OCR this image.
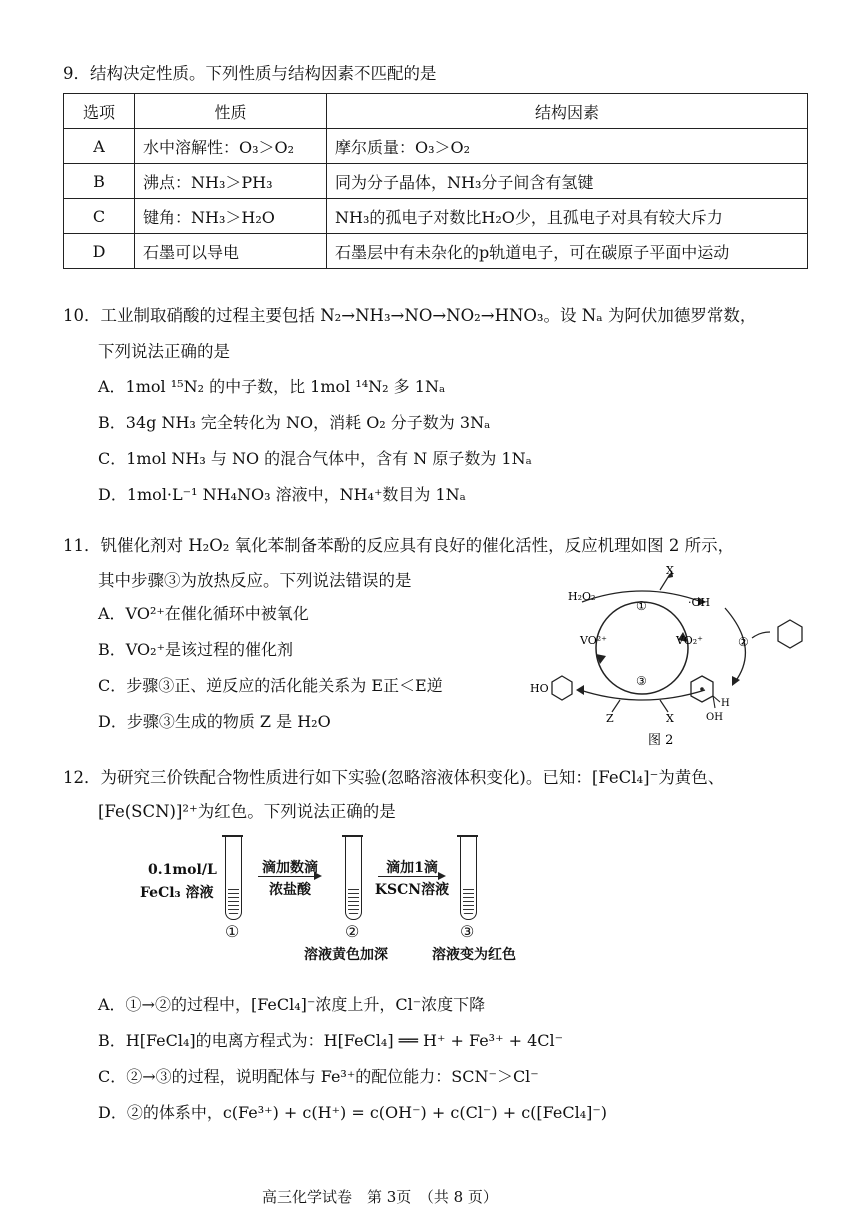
9．结构决定性质。下列性质与结构因素不匹配的是
选项	性质	结构因素
A	水中溶解性：O₃＞O₂	摩尔质量：O₃＞O₂
B	沸点：NH₃＞PH₃	同为分子晶体，NH₃分子间含有氢键
C	键角：NH₃＞H₂O	NH₃的孤电子对数比H₂O少，且孤电子对具有较大斥力
D	石墨可以导电	石墨层中有未杂化的p轨道电子，可在碳原子平面中运动
10．工业制取硝酸的过程主要包括 N₂→NH₃→NO→NO₂→HNO₃。设 Nₐ 为阿伏加德罗常数，
下列说法正确的是
A．1mol ¹⁵N₂ 的中子数，比 1mol ¹⁴N₂ 多 1Nₐ
B．34g NH₃ 完全转化为 NO，消耗 O₂ 分子数为 3Nₐ
C．1mol NH₃ 与 NO 的混合气体中，含有 N 原子数为 1Nₐ
D．1mol·L⁻¹ NH₄NO₃ 溶液中，NH₄⁺数目为 1Nₐ
11．钒催化剂对 H₂O₂ 氧化苯制备苯酚的反应具有良好的催化活性，反应机理如图 2 所示，
其中步骤③为放热反应。下列说法错误的是
A．VO²⁺在催化循环中被氧化
B．VO₂⁺是该过程的催化剂
C．步骤③正、逆反应的活化能关系为 E正＜E逆
D．步骤③生成的物质 Z 是 H₂O
H₂O₂
X
·OH
①
②
③
VO²⁺	VO₂⁺
HO
Z	X
H
OH
图 2
12．为研究三价铁配合物性质进行如下实验(忽略溶液体积变化)。已知：[FeCl₄]⁻为黄色、
[Fe(SCN)]²⁺为红色。下列说法正确的是
0.1mol/L
FeCl₃ 溶液
①
滴加数滴
浓盐酸
②
滴加1滴
KSCN溶液
③
溶液黄色加深	溶液变为红色
A．①→②的过程中，[FeCl₄]⁻浓度上升，Cl⁻浓度下降
B．H[FeCl₄]的电离方程式为：H[FeCl₄] ══ H⁺ + Fe³⁺ + 4Cl⁻
C．②→③的过程，说明配体与 Fe³⁺的配位能力：SCN⁻＞Cl⁻
D．②的体系中，c(Fe³⁺) + c(H⁺) = c(OH⁻) + c(Cl⁻) + c([FeCl₄]⁻)
高三化学试卷　第 3页　（共 8 页）
